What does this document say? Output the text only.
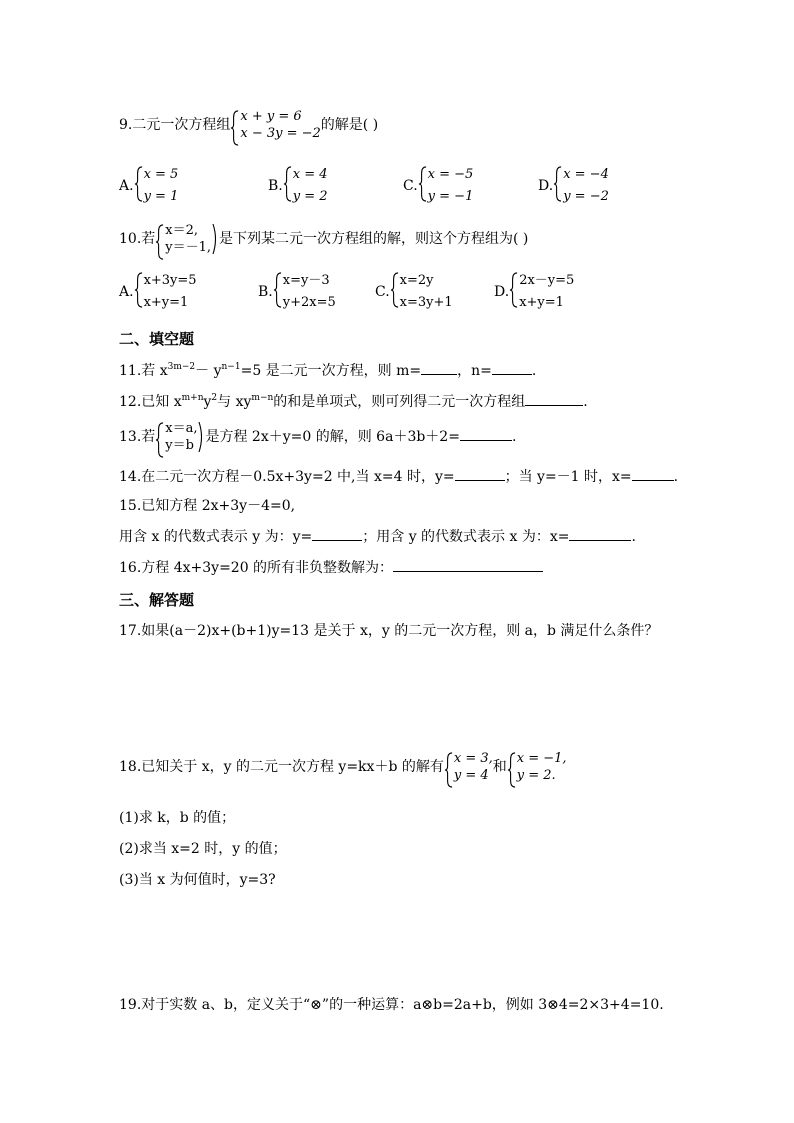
9.二元一次方程组
x + y = 6
x − 3y = −2
的解是( )
A.
x = 5
y = 1
B.
x = 4
y = 2
C.
x = −5
y = −1
D.
x = −4
y = −2
10.若
x＝2,
y＝－1,
是下列某二元一次方程组的解，则这个方程组为( )
A.
x+3y=5
x+y=1
B.
x=y－3
y+2x=5
C.
x=2y
x=3y+1
D.
2x－y=5
x+y=1
二、填空题
11.若 $x^{3m-2}- y^{n-1}=5$ 是二元一次方程，则 m=	，n=	.
12.已知 $x^{m+n}y^2$与 $xy^{m-n}$的和是单项式，则可列得二元一次方程组	.
13.若
x＝a,
y＝b
是方程 2x＋y=0 的解，则 6a＋3b＋2=	.
14.在二元一次方程－0.5x+3y=2 中,当 x=4 时，y=	；当 y=－1 时，x=	.
15.已知方程 2x+3y－4=0,
用含 x 的代数式表示 y 为：y=	；用含 y 的代数式表示 x 为：x=	.
16.方程 4x+3y=20 的所有非负整数解为：
三、解答题
17.如果(a－2)x+(b+1)y=13 是关于 x，y 的二元一次方程，则 a，b 满足什么条件？
18.已知关于 x，y 的二元一次方程 y=kx＋b 的解有
x = 3,
y = 4
和
x = −1,
y = 2.
(1)求 k，b 的值；
(2)求当 x=2 时，y 的值；
(3)当 x 为何值时，y=3?
19.对于实数 a、b，定义关于“⊗”的一种运算：a⊗b=2a+b，例如 3⊗4=2×3+4=10.
